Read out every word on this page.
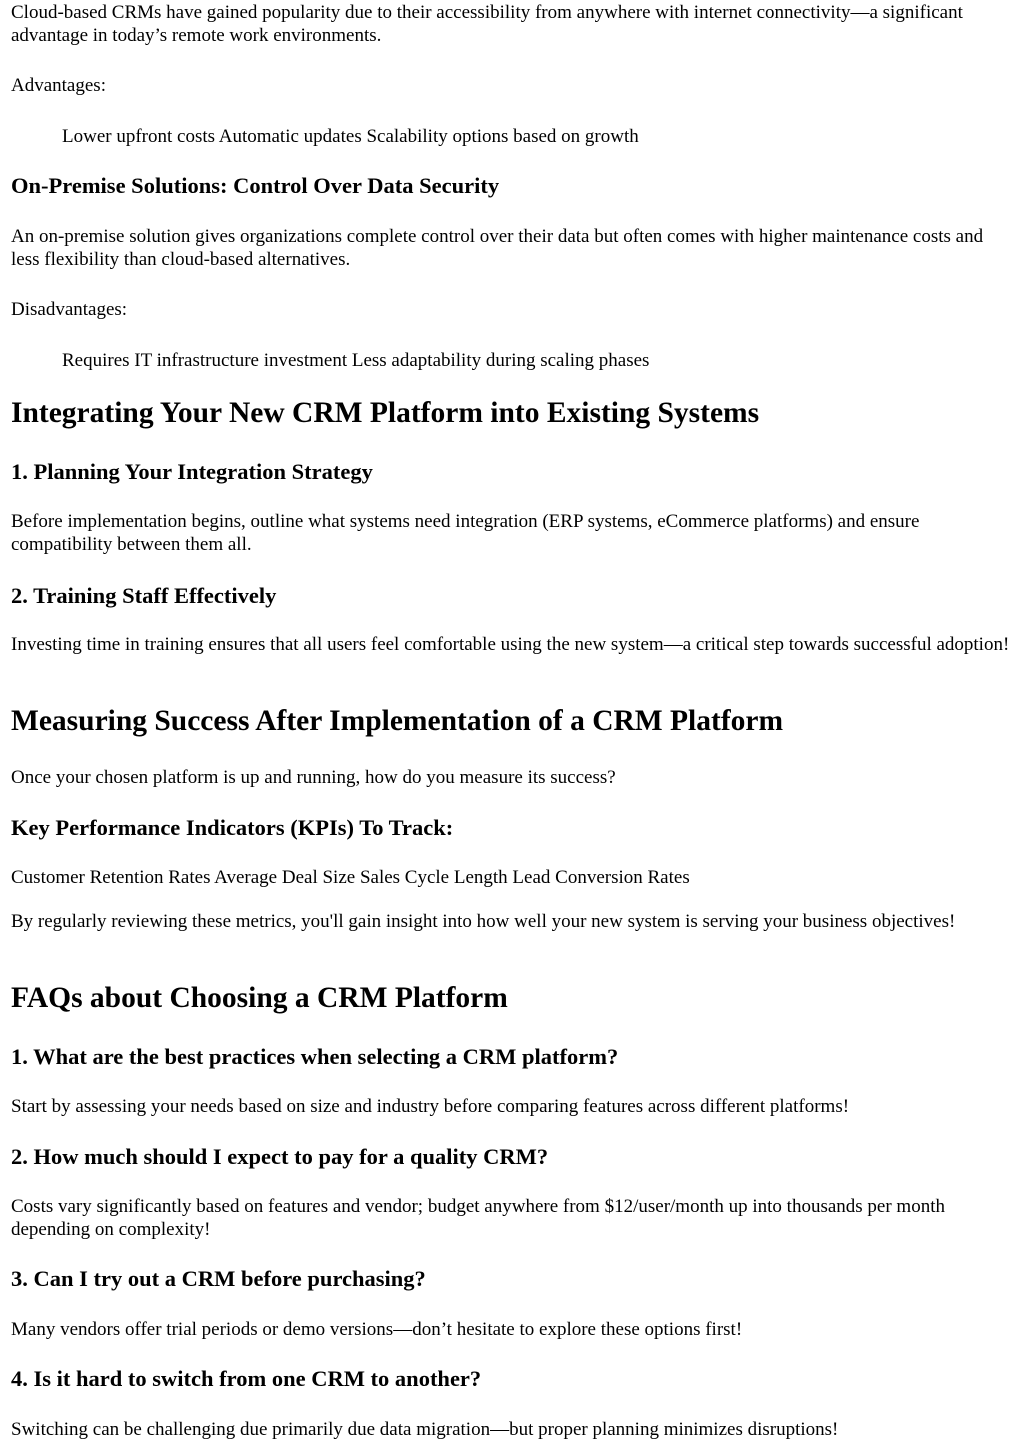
Cloud-based CRMs have gained popularity due to their accessibility from anywhere with internet connectivity—a significant advantage in today’s remote work environments.

Advantages:

Lower upfront costs Automatic updates Scalability options based on growth

On-Premise Solutions: Control Over Data Security

An on-premise solution gives organizations complete control over their data but often comes with higher maintenance costs and less flexibility than cloud-based alternatives.

Disadvantages:

Requires IT infrastructure investment Less adaptability during scaling phases

Integrating Your New CRM Platform into Existing Systems
1. Planning Your Integration Strategy

Before implementation begins, outline what systems need integration (ERP systems, eCommerce platforms) and ensure compatibility between them all.

2. Training Staff Effectively

Investing time in training ensures that all users feel comfortable using the new system—a critical step towards successful adoption!

Measuring Success After Implementation of a CRM Platform

Once your chosen platform is up and running, how do you measure its success?

Key Performance Indicators (KPIs) To Track:

Customer Retention Rates Average Deal Size Sales Cycle Length Lead Conversion Rates

By regularly reviewing these metrics, you'll gain insight into how well your new system is serving your business objectives!

FAQs about Choosing a CRM Platform
1. What are the best practices when selecting a CRM platform?

Start by assessing your needs based on size and industry before comparing features across different platforms!

2. How much should I expect to pay for a quality CRM?

Costs vary significantly based on features and vendor; budget anywhere from $12/user/month up into thousands per month depending on complexity!

3. Can I try out a CRM before purchasing?

Many vendors offer trial periods or demo versions—don’t hesitate to explore these options first!

4. Is it hard to switch from one CRM to another?

Switching can be challenging due primarily due data migration—but proper planning minimizes disruptions!
